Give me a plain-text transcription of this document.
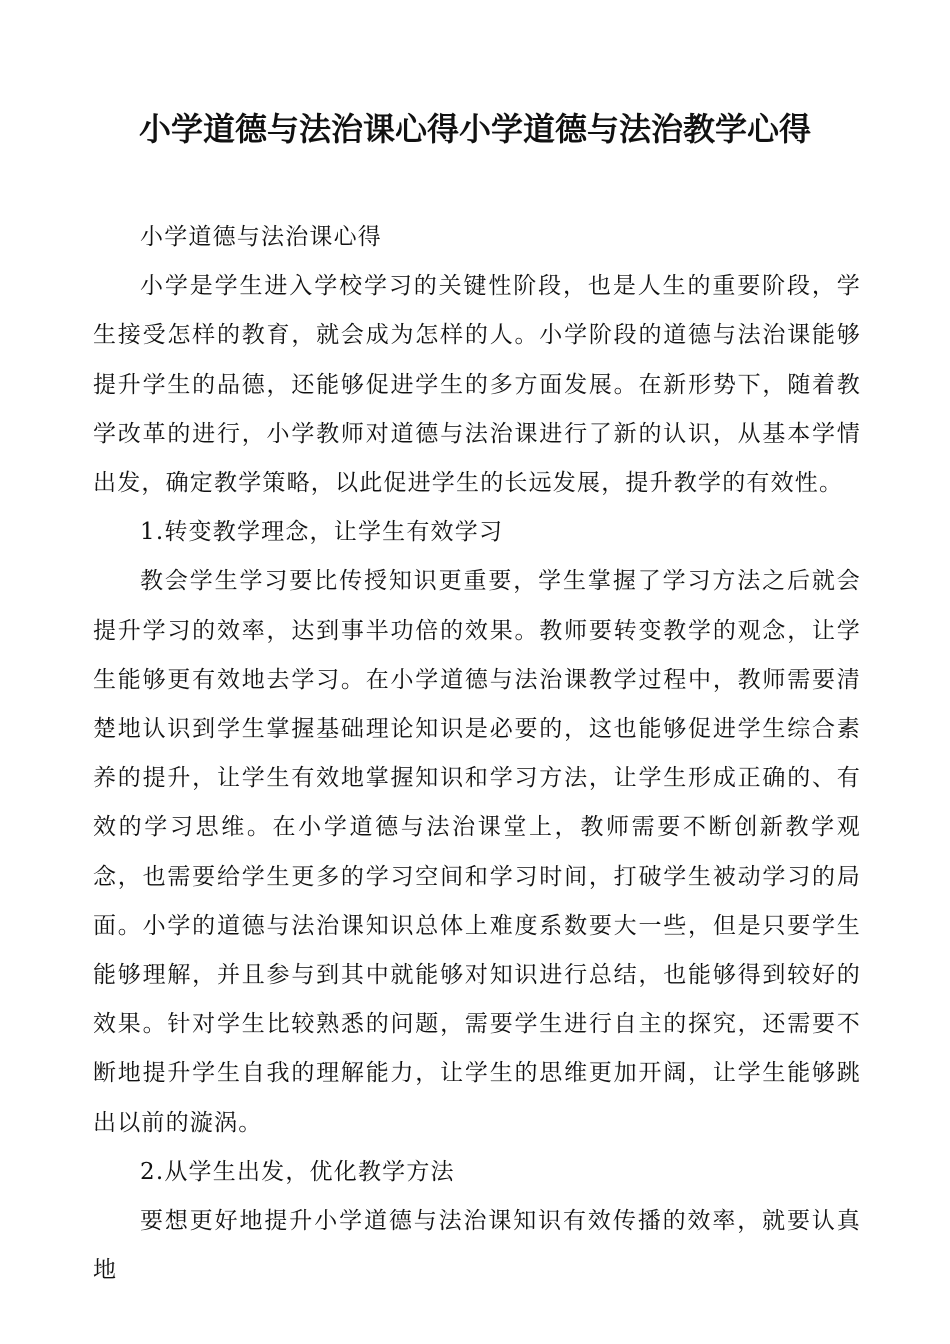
小学道德与法治课心得小学道德与法治教学心得

小学道德与法治课心得

小学是学生进入学校学习的关键性阶段，也是人生的重要阶段，学生接受怎样的教育，就会成为怎样的人。小学阶段的道德与法治课能够提升学生的品德，还能够促进学生的多方面发展。在新形势下，随着教学改革的进行，小学教师对道德与法治课进行了新的认识，从基本学情出发，确定教学策略，以此促进学生的长远发展，提升教学的有效性。

1.转变教学理念，让学生有效学习

教会学生学习要比传授知识更重要，学生掌握了学习方法之后就会提升学习的效率，达到事半功倍的效果。教师要转变教学的观念，让学生能够更有效地去学习。在小学道德与法治课教学过程中，教师需要清楚地认识到学生掌握基础理论知识是必要的，这也能够促进学生综合素养的提升，让学生有效地掌握知识和学习方法，让学生形成正确的、有效的学习思维。在小学道德与法治课堂上，教师需要不断创新教学观念，也需要给学生更多的学习空间和学习时间，打破学生被动学习的局面。小学的道德与法治课知识总体上难度系数要大一些，但是只要学生能够理解，并且参与到其中就能够对知识进行总结，也能够得到较好的效果。针对学生比较熟悉的问题，需要学生进行自主的探究，还需要不断地提升学生自我的理解能力，让学生的思维更加开阔，让学生能够跳出以前的漩涡。

2.从学生出发，优化教学方法

要想更好地提升小学道德与法治课知识有效传播的效率，就要认真地
